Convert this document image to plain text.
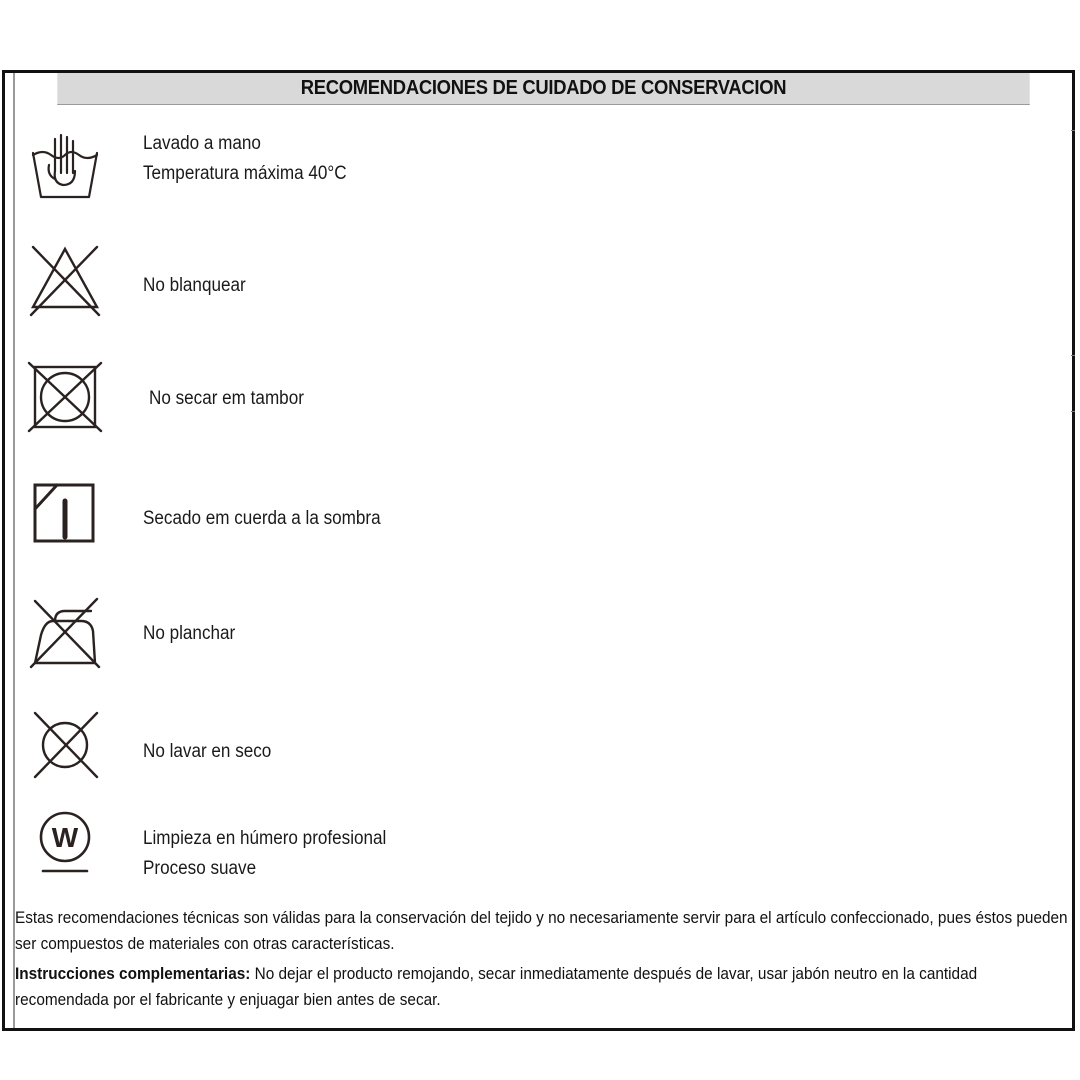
RECOMENDACIONES DE CUIDADO DE CONSERVACION
Lavado a mano
Temperatura máxima 40°C
No blanquear
No secar em tambor
Secado em cuerda a la sombra
No planchar
No lavar en seco
W	Limpieza en húmero profesional
Proceso suave

Estas recomendaciones técnicas son válidas para la conservación del tejido y no necesariamente servir para el artículo confeccionado, pues éstos pueden ser compuestos de materiales con otras características.

Instrucciones complementarias: No dejar el producto remojando, secar inmediatamente después de lavar, usar jabón neutro en la cantidad recomendada por el fabricante y enjuagar bien antes de secar.
